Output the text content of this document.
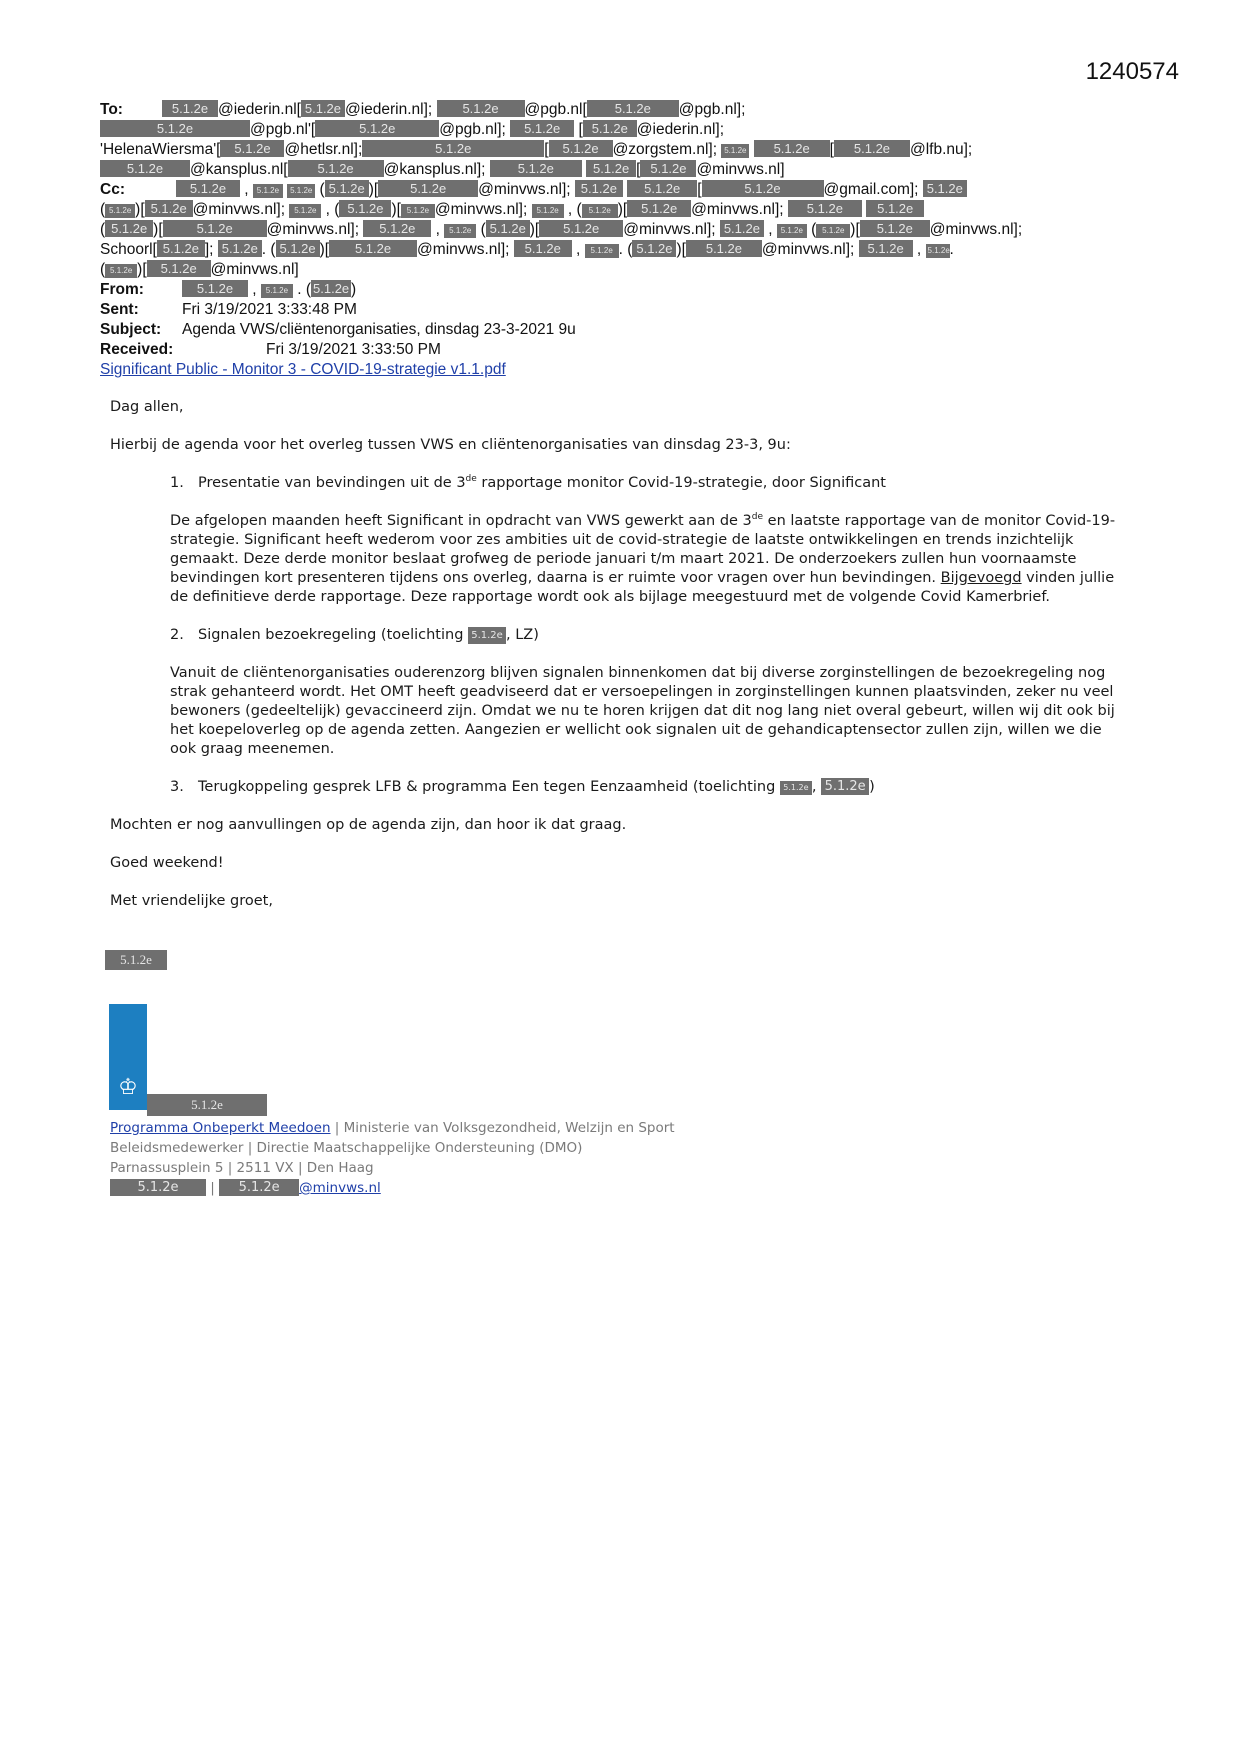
1240574
To:	5.1.2e @iederin.nl[ 5.1.2e @iederin.nl]; 5.1.2e @pgb.nl[ 5.1.2e @pgb.nl];
5.1.2e	@pgb.nl'[	5.1.2e	@pgb.nl]; 5.1.2e [ 5.1.2e @iederin.nl];
'HelenaWiersma'[ 5.1.2e @hetlsr.nl];	5.1.2e	[ 5.1.2e @zorgstem.nl]; 5.1.2e 5.1.2e [ 5.1.2e @lfb.nu];
5.1.2e @kansplus.nl[ 5.1.2e @kansplus.nl]; 5.1.2e	5.1.2e [ 5.1.2e @minvws.nl]
Cc:	5.1.2e , 5.1.2e 5.1.2e ( 5.1.2e )[ 5.1.2e @minvws.nl]; 5.1.2e 5.1.2e [	5.1.2e	@gmail.com]; 5.1.2e
( 5.1.2e )[ 5.1.2e @minvws.nl]; 5.1.2e , ( 5.1.2e )[ 5.1.2e @minvws.nl]; 5.1.2e , ( 5.1.2e )[ 5.1.2e @minvws.nl]; 5.1.2e	5.1.2e
( 5.1.2e )[	5.1.2e @minvws.nl]; 5.1.2e , 5.1.2e ( 5.1.2e )[ 5.1.2e @minvws.nl]; 5.1.2e , 5.1.2e ( 5.1.2e )[ 5.1.2e @minvws.nl];
Schoorl[ 5.1.2e ]; 5.1.2e . ( 5.1.2e )[ 5.1.2e @minvws.nl]; 5.1.2e , 5.1.2e . ( 5.1.2e )[ 5.1.2e @minvws.nl]; 5.1.2e , 5.1.2e.
( 5.1.2e )[ 5.1.2e @minvws.nl]
From:	5.1.2e , 5.1.2e . ( 5.1.2e )
Sent:	Fri 3/19/2021 3:33:48 PM
Subject: Agenda VWS/cliëntenorganisaties, dinsdag 23-3-2021 9u
Received:	Fri 3/19/2021 3:33:50 PM
Significant Public - Monitor 3 - COVID-19-strategie v1.1.pdf
Dag allen,
Hierbij de agenda voor het overleg tussen VWS en cliëntenorganisaties van dinsdag 23-3, 9u:
1. Presentatie van bevindingen uit de 3de rapportage monitor Covid-19-strategie, door Significant
De afgelopen maanden heeft Significant in opdracht van VWS gewerkt aan de 3de en laatste rapportage van de monitor Covid-19-strategie. Significant heeft wederom voor zes ambities uit de covid-strategie de laatste ontwikkelingen en trends inzichtelijk gemaakt. Deze derde monitor beslaat grofweg de periode januari t/m maart 2021. De onderzoekers zullen hun voornaamste bevindingen kort presenteren tijdens ons overleg, daarna is er ruimte voor vragen over hun bevindingen. Bijgevoegd vinden jullie de definitieve derde rapportage. Deze rapportage wordt ook als bijlage meegestuurd met de volgende Covid Kamerbrief.
2. Signalen bezoekregeling (toelichting 5.1.2e , LZ)
Vanuit de cliëntenorganisaties ouderenzorg blijven signalen binnenkomen dat bij diverse zorginstellingen de bezoekregeling nog strak gehanteerd wordt. Het OMT heeft geadviseerd dat er versoepelingen in zorginstellingen kunnen plaatsvinden, zeker nu veel bewoners (gedeeltelijk) gevaccineerd zijn. Omdat we nu te horen krijgen dat dit nog lang niet overal gebeurt, willen wij dit ook bij het koepeloverleg op de agenda zetten. Aangezien er wellicht ook signalen uit de gehandicaptensector zullen zijn, willen we die ook graag meenemen.
3. Terugkoppeling gesprek LFB & programma Een tegen Eenzaamheid (toelichting 5.1.2e , 5.1.2e )
Mochten er nog aanvullingen op de agenda zijn, dan hoor ik dat graag.
Goed weekend!
Met vriendelijke groet,
5.1.2e
♔
5.1.2e
Programma Onbeperkt Meedoen | Ministerie van Volksgezondheid, Welzijn en Sport
Beleidsmedewerker | Directie Maatschappelijke Ondersteuning (DMO)
Parnassusplein 5 | 2511 VX | Den Haag
5.1.2e | 5.1.2e @minvws.nl
